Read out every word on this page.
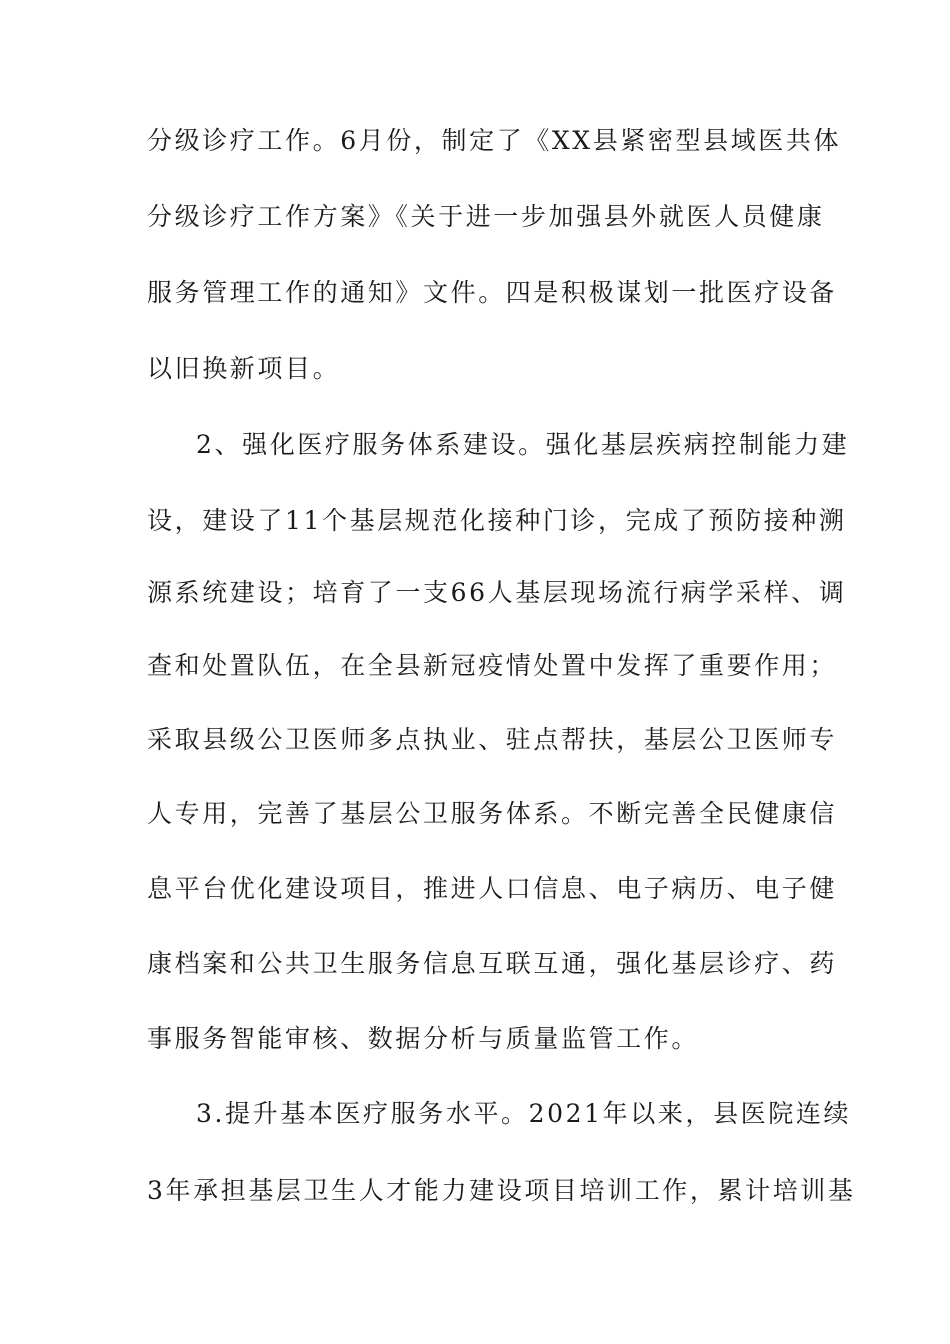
分级诊疗工作。6月份，制定了《XX县紧密型县域医共体
分级诊疗工作方案》《关于进一步加强县外就医人员健康
服务管理工作的通知》文件。四是积极谋划一批医疗设备
以旧换新项目。
2、强化医疗服务体系建设。强化基层疾病控制能力建
设，建设了11个基层规范化接种门诊，完成了预防接种溯
源系统建设；培育了一支66人基层现场流行病学采样、调
查和处置队伍，在全县新冠疫情处置中发挥了重要作用；
采取县级公卫医师多点执业、驻点帮扶，基层公卫医师专
人专用，完善了基层公卫服务体系。不断完善全民健康信
息平台优化建设项目，推进人口信息、电子病历、电子健
康档案和公共卫生服务信息互联互通，强化基层诊疗、药
事服务智能审核、数据分析与质量监管工作。
3.提升基本医疗服务水平。2021年以来，县医院连续
3年承担基层卫生人才能力建设项目培训工作，累计培训基
